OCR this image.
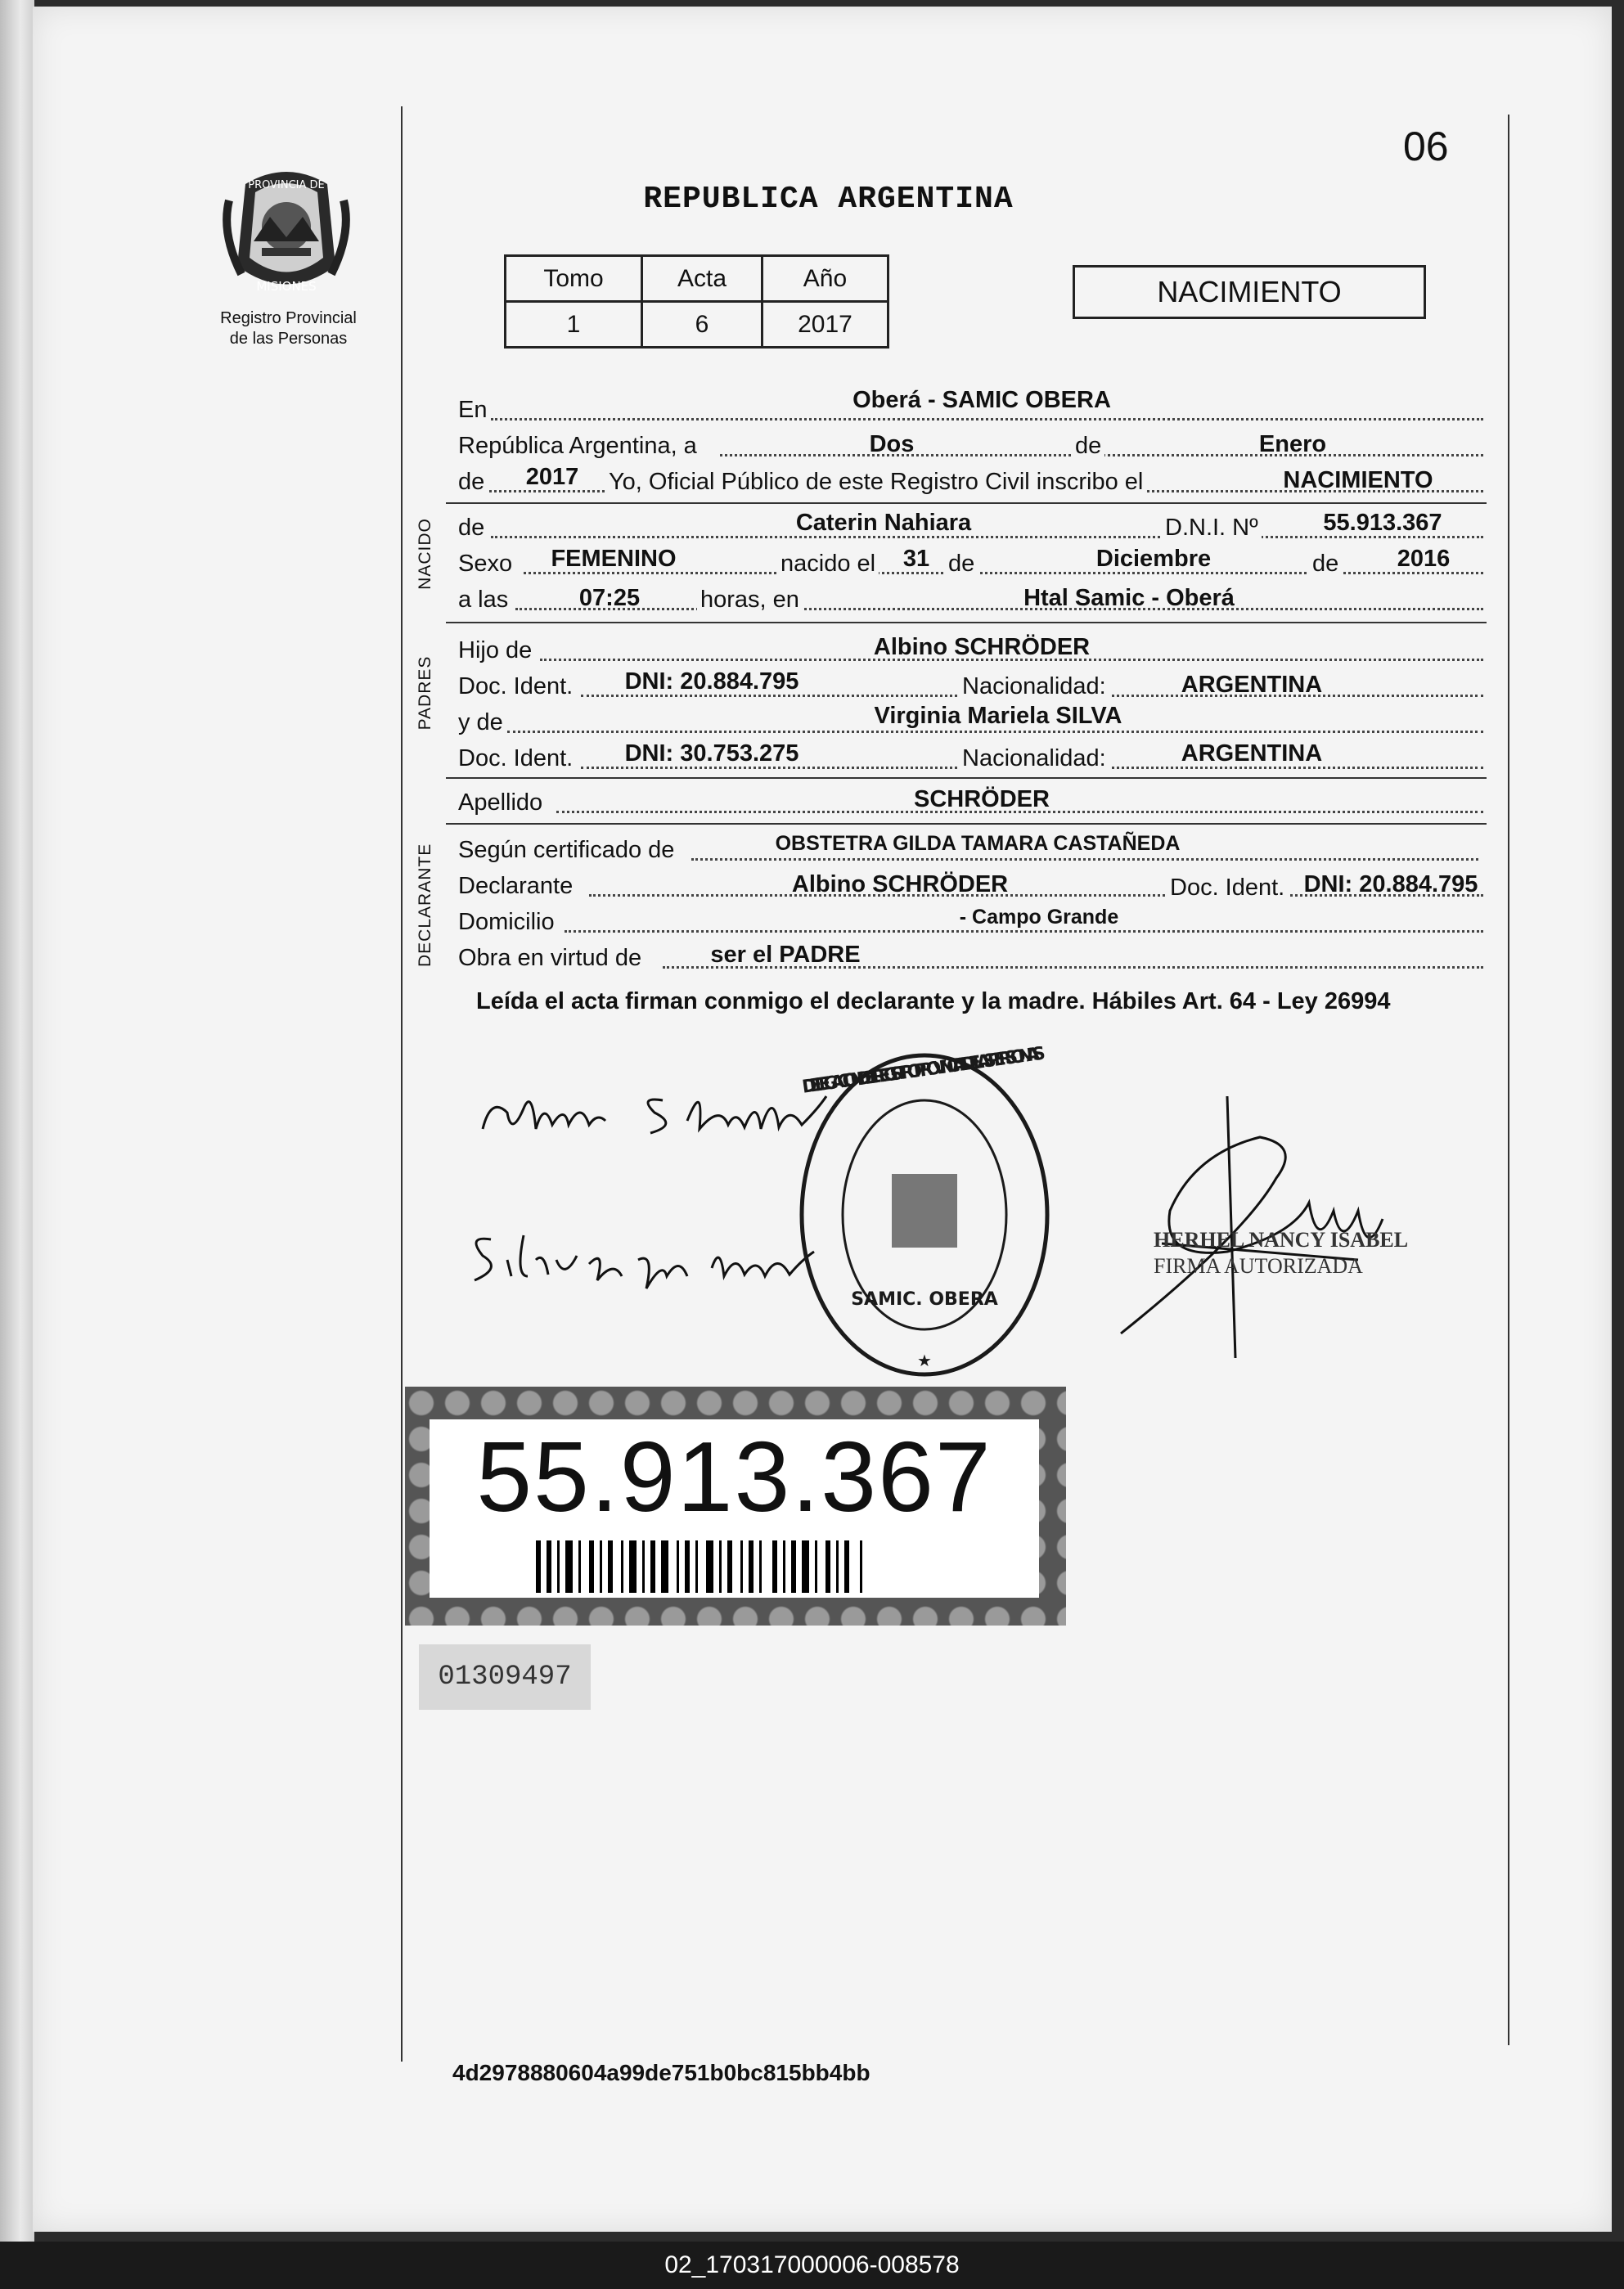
06
PROVINCIA DE
MISIONES
Registro Provincial
de las Personas
REPUBLICA ARGENTINA
Tomo	Acta	Año
1	6	2017
NACIMIENTO
En	Oberá - SAMIC OBERA
República Argentina, a	Dos	de	Enero
de	2017	Yo, Oficial Público de este Registro Civil inscribo el	NACIMIENTO
NACIDO de	Caterin Nahiara	D.N.I. Nº	55.913.367
Sexo	FEMENINO	nacido el	31 de	Diciembre	de	2016
a las	07:25	horas, en	Htal Samic - Oberá
PADRES
Hijo de	Albino SCHRÖDER
Doc. Ident.	DNI: 20.884.795	Nacionalidad:	ARGENTINA
y de	Virginia Mariela SILVA
Doc. Ident.	DNI: 30.753.275	Nacionalidad:	ARGENTINA
Apellido	SCHRÖDER
DECLARANTE Según certificado de	OBSTETRA GILDA TAMARA CASTAÑEDA
Declarante	Albino SCHRÖDER	Doc. Ident. DNI: 20.884.795
Domicilio	- Campo Grande
Obra en virtud de	ser el PADRE
Leída el acta firman conmigo el declarante y la madre. Hábiles Art. 64 - Ley 26994
DELEGACION DEL REGISTRO PROVINCIAL DE LAS PERSONAS
SAMIC. OBERA
★
HERHEL NANCY ISABEL
FIRMA AUTORIZADA
55.913.367
01309497
4d2978880604a99de751b0bc815bb4bb
02_170317000006-008578
